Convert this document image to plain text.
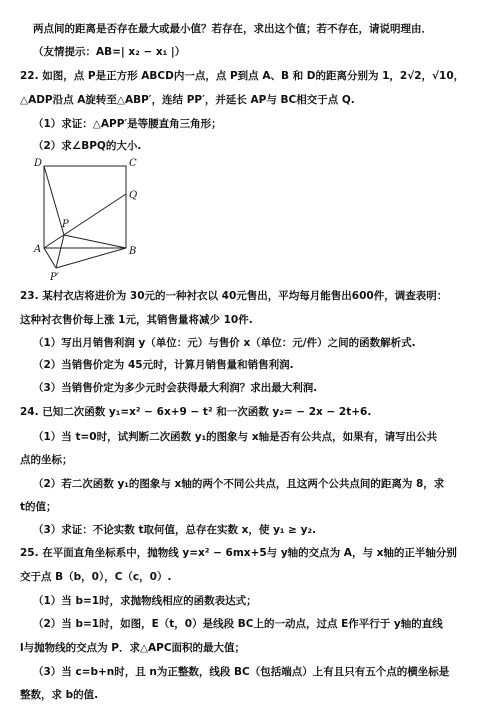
两点间的距离是否存在最大或最小值？若存在，求出这个值；若不存在，请说明理由．
（友情提示：AB=| x₂ − x₁ |）
22. 如图，点 P是正方形 ABCD内一点，点 P到点 A、B 和 D的距离分别为 1，2√2，√10，
△ADP沿点 A旋转至△ABP′，连结 PP′，并延长 AP与 BC相交于点 Q.
（1）求证：△APP′是等腰直角三角形；
（2）求∠BPQ的大小.
D	C
Q
P
A	B
P′
23. 某村衣店将进价为 30元的一种衬衣以 40元售出，平均每月能售出600件，调查表明：
这种衬衣售价每上涨 1元，其销售量将减少 10件.
（1）写出月销售利润 y（单位：元）与售价 x（单位：元/件）之间的函数解析式.
（2）当销售价定为 45元时，计算月销售量和销售利润.
（3）当销售价定为多少元时会获得最大利润？求出最大利润.
24. 已知二次函数 y₁=x² − 6x+9 − t² 和一次函数 y₂= − 2x − 2t+6.
（1）当 t=0时，试判断二次函数 y₁的图象与 x轴是否有公共点，如果有，请写出公共
点的坐标；
（2）若二次函数 y₁的图象与 x轴的两个不同公共点，且这两个公共点间的距离为 8，求
t的值；
（3）求证：不论实数 t取何值，总存在实数 x，使 y₁ ≥ y₂.
25. 在平面直角坐标系中，抛物线 y=x² − 6mx+5与 y轴的交点为 A，与 x轴的正半轴分别
交于点 B（b，0），C（c，0）.
（1）当 b=1时，求抛物线相应的函数表达式；
（2）当 b=1时，如图，E（t，0）是线段 BC上的一动点，过点 E作平行于 y轴的直线
l与抛物线的交点为 P．求△APC面积的最大值；
（3）当 c=b+n时，且 n为正整数，线段 BC（包括端点）上有且只有五个点的横坐标是
整数，求 b的值.
